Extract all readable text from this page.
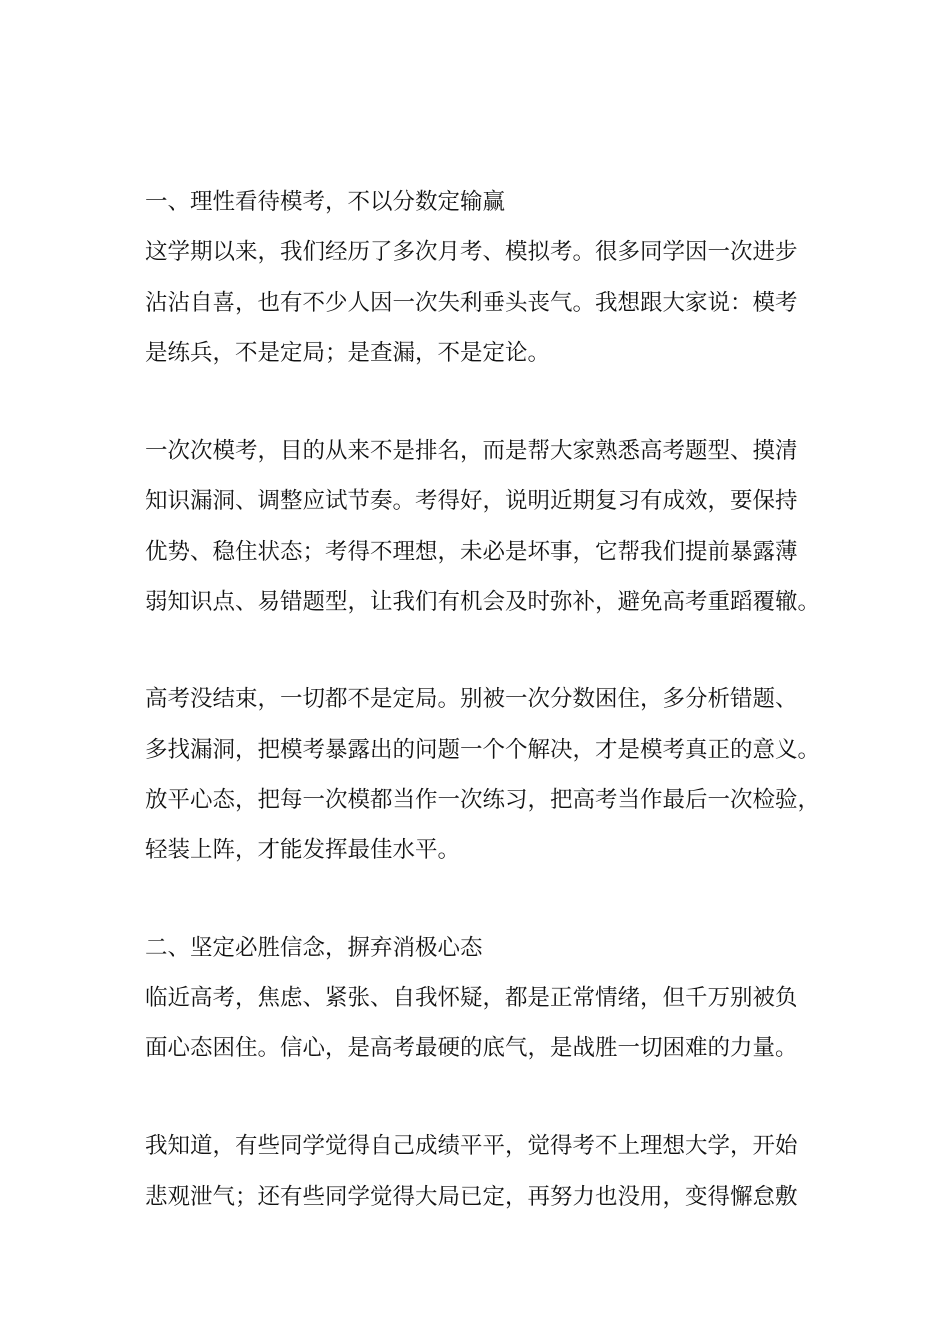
一、理性看待模考，不以分数定输赢
这学期以来，我们经历了多次月考、模拟考。很多同学因一次进步
沾沾自喜，也有不少人因一次失利垂头丧气。我想跟大家说：模考
是练兵，不是定局；是查漏，不是定论。
一次次模考，目的从来不是排名，而是帮大家熟悉高考题型、摸清
知识漏洞、调整应试节奏。考得好，说明近期复习有成效，要保持
优势、稳住状态；考得不理想，未必是坏事，它帮我们提前暴露薄
弱知识点、易错题型，让我们有机会及时弥补，避免高考重蹈覆辙。
高考没结束，一切都不是定局。别被一次分数困住，多分析错题、
多找漏洞，把模考暴露出的问题一个个解决，才是模考真正的意义。
放平心态，把每一次模都当作一次练习，把高考当作最后一次检验，
轻装上阵，才能发挥最佳水平。
二、坚定必胜信念，摒弃消极心态
临近高考，焦虑、紧张、自我怀疑，都是正常情绪，但千万别被负
面心态困住。信心，是高考最硬的底气，是战胜一切困难的力量。
我知道，有些同学觉得自己成绩平平，觉得考不上理想大学，开始
悲观泄气；还有些同学觉得大局已定，再努力也没用，变得懈怠敷
